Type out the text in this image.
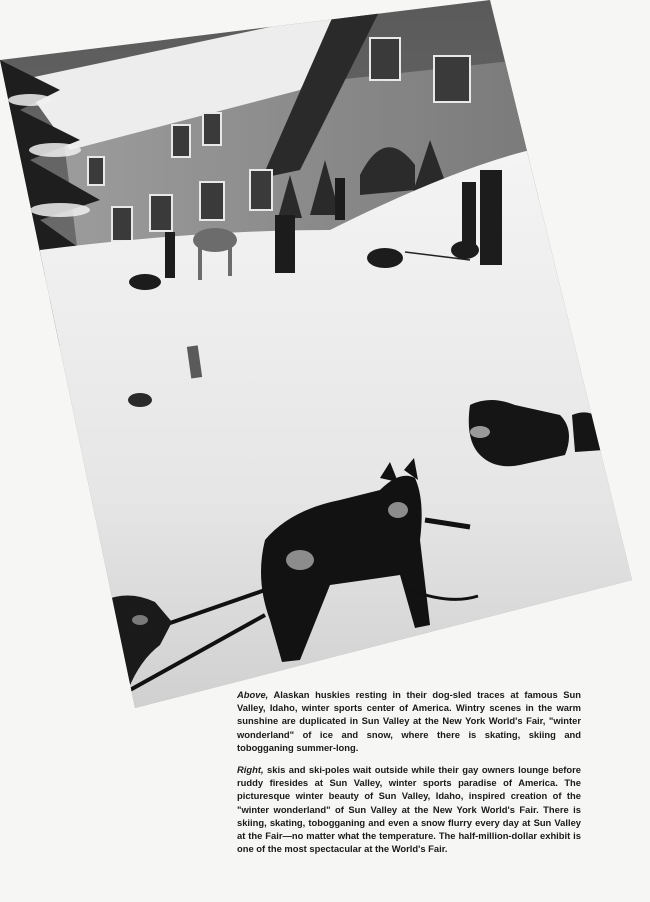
Above, Alaskan huskies resting in their dog-sled traces at famous Sun Valley, Idaho, winter sports center of America. Wintry scenes in the warm sunshine are duplicated in Sun Valley at the New York World's Fair, "winter wonderland" of ice and snow, where there is skating, skiing and tobogganing summer-long.

Right, skis and ski-poles wait outside while their gay owners lounge before ruddy firesides at Sun Valley, winter sports paradise of America. The picturesque winter beauty of Sun Valley, Idaho, inspired creation of the "winter wonderland" of Sun Valley at the New York World's Fair. There is skiing, skating, tobogganing and even a snow flurry every day at Sun Valley at the Fair—no matter what the temperature. The half-million-dollar exhibit is one of the most spectacular at the World's Fair.
